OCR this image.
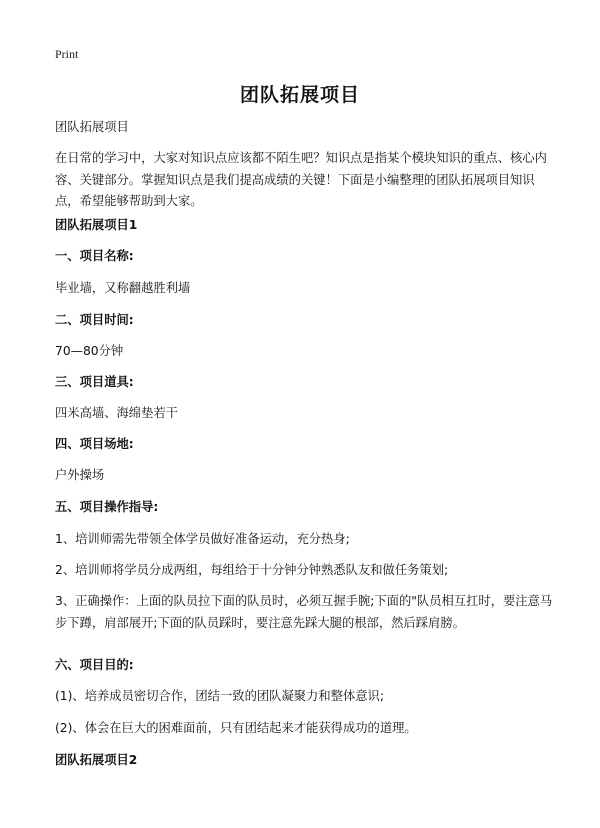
Print
团队拓展项目

团队拓展项目

在日常的学习中，大家对知识点应该都不陌生吧？知识点是指某个模块知识的重点、核心内容、关键部分。掌握知识点是我们提高成绩的关键！下面是小编整理的团队拓展项目知识点，希望能够帮助到大家。

团队拓展项目1

一、项目名称:

毕业墙，又称翻越胜利墙

二、项目时间:

70—80分钟

三、项目道具:

四米高墙、海绵垫若干

四、项目场地:

户外操场

五、项目操作指导:

1、培训师需先带领全体学员做好准备运动，充分热身;

2、培训师将学员分成两组，每组给于十分钟分钟熟悉队友和做任务策划;

3、正确操作：上面的队员拉下面的队员时，必须互握手腕;下面的"队员相互扛时，要注意马步下蹲，肩部展开;下面的队员踩时，要注意先踩大腿的根部，然后踩肩膀。

六、项目目的:

(1)、培养成员密切合作，团结一致的团队凝聚力和整体意识;

(2)、体会在巨大的困难面前，只有团结起来才能获得成功的道理。

团队拓展项目2
